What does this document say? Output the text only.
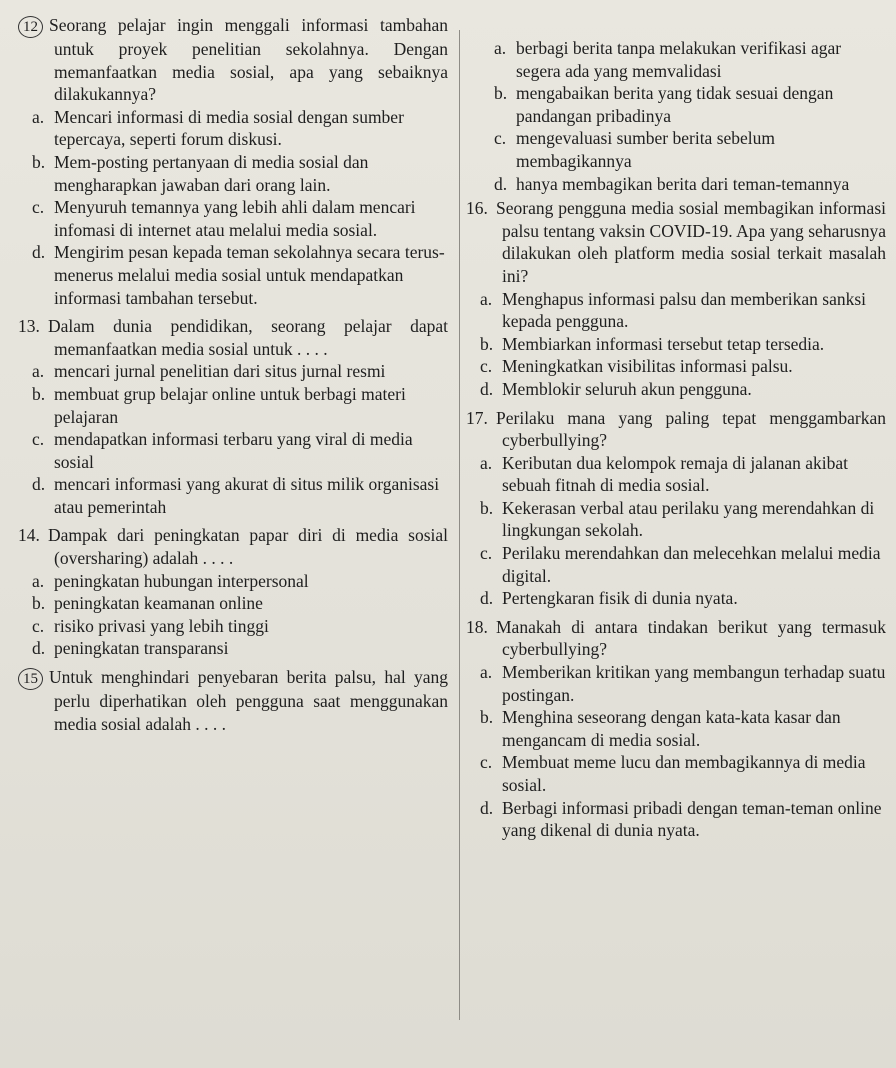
12 Seorang pelajar ingin menggali informasi tambahan untuk proyek penelitian sekolahnya. Dengan memanfaatkan media sosial, apa yang sebaiknya dilakukannya?
a. Mencari informasi di media sosial dengan sumber tepercaya, seperti forum diskusi.
b. Mem-posting pertanyaan di media sosial dan mengharapkan jawaban dari orang lain.
c. Menyuruh temannya yang lebih ahli dalam mencari infomasi di internet atau melalui media sosial.
d. Mengirim pesan kepada teman sekolahnya secara terus-menerus melalui media sosial untuk mendapatkan informasi tambahan tersebut.
13. Dalam dunia pendidikan, seorang pelajar dapat memanfaatkan media sosial untuk . . . .
a. mencari jurnal penelitian dari situs jurnal resmi
b. membuat grup belajar online untuk berbagi materi pelajaran
c. mendapatkan informasi terbaru yang viral di media sosial
d. mencari informasi yang akurat di situs milik organisasi atau pemerintah
14. Dampak dari peningkatan papar diri di media sosial (oversharing) adalah . . . .
a. peningkatan hubungan interpersonal
b. peningkatan keamanan online
c. risiko privasi yang lebih tinggi
d. peningkatan transparansi
15 Untuk menghindari penyebaran berita palsu, hal yang perlu diperhatikan oleh pengguna saat menggunakan media sosial adalah . . . .
a. berbagi berita tanpa melakukan verifikasi agar segera ada yang memvalidasi
b. mengabaikan berita yang tidak sesuai dengan pandangan pribadinya
c. mengevaluasi sumber berita sebelum membagikannya
d. hanya membagikan berita dari teman-temannya
16. Seorang pengguna media sosial membagikan informasi palsu tentang vaksin COVID-19. Apa yang seharusnya dilakukan oleh platform media sosial terkait masalah ini?
a. Menghapus informasi palsu dan memberikan sanksi kepada pengguna.
b. Membiarkan informasi tersebut tetap tersedia.
c. Meningkatkan visibilitas informasi palsu.
d. Memblokir seluruh akun pengguna.
17. Perilaku mana yang paling tepat menggambarkan cyberbullying?
a. Keributan dua kelompok remaja di jalanan akibat sebuah fitnah di media sosial.
b. Kekerasan verbal atau perilaku yang merendahkan di lingkungan sekolah.
c. Perilaku merendahkan dan melecehkan melalui media digital.
d. Pertengkaran fisik di dunia nyata.
18. Manakah di antara tindakan berikut yang termasuk cyberbullying?
a. Memberikan kritikan yang membangun terhadap suatu postingan.
b. Menghina seseorang dengan kata-kata kasar dan mengancam di media sosial.
c. Membuat meme lucu dan membagikannya di media sosial.
d. Berbagi informasi pribadi dengan teman-teman online yang dikenal di dunia nyata.
